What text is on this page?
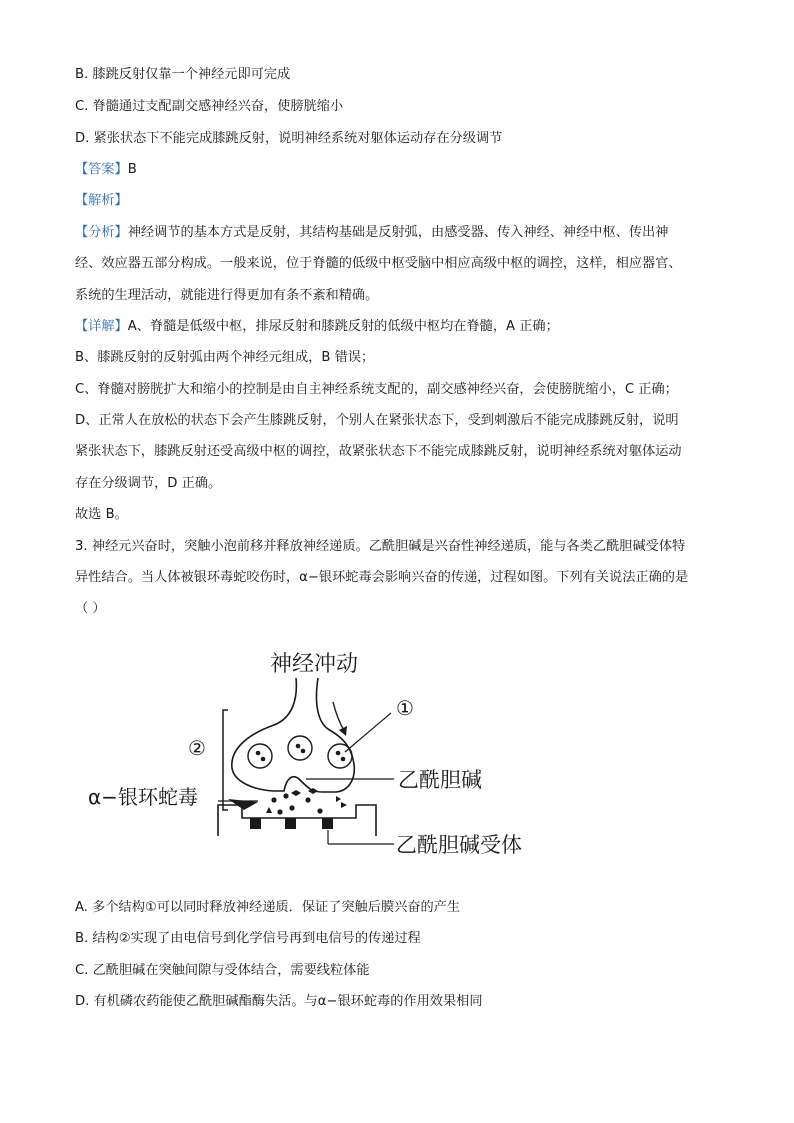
B. 膝跳反射仅靠一个神经元即可完成
C. 脊髓通过支配副交感神经兴奋，使膀胱缩小
D. 紧张状态下不能完成膝跳反射，说明神经系统对躯体运动存在分级调节
【答案】B
【解析】
【分析】神经调节的基本方式是反射，其结构基础是反射弧，由感受器、传入神经、神经中枢、传出神
经、效应器五部分构成。一般来说，位于脊髓的低级中枢受脑中相应高级中枢的调控，这样，相应器官、
系统的生理活动，就能进行得更加有条不紊和精确。
【详解】A、脊髓是低级中枢，排尿反射和膝跳反射的低级中枢均在脊髓，A 正确；
B、膝跳反射的反射弧由两个神经元组成，B 错误；
C、脊髓对膀胱扩大和缩小的控制是由自主神经系统支配的，副交感神经兴奋，会使膀胱缩小，C 正确；
D、正常人在放松的状态下会产生膝跳反射，个别人在紧张状态下，受到刺激后不能完成膝跳反射，说明
紧张状态下，膝跳反射还受高级中枢的调控，故紧张状态下不能完成膝跳反射，说明神经系统对躯体运动
存在分级调节，D 正确。
故选 B。
3. 神经元兴奋时，突触小泡前移并释放神经递质。乙酰胆碱是兴奋性神经递质，能与各类乙酰胆碱受体特
异性结合。当人体被银环毒蛇咬伤时，α−银环蛇毒会影响兴奋的传递，过程如图。下列有关说法正确的是
（ ）
神经冲动
②
①
乙酰胆碱
α−银环蛇毒
乙酰胆碱受体
A. 多个结构①可以同时释放神经递质．保证了突触后膜兴奋的产生
B. 结构②实现了由电信号到化学信号再到电信号的传递过程
C. 乙酰胆碱在突触间隙与受体结合，需要线粒体能
D. 有机磷农药能使乙酰胆碱酯酶失活。与α−银环蛇毒的作用效果相同
